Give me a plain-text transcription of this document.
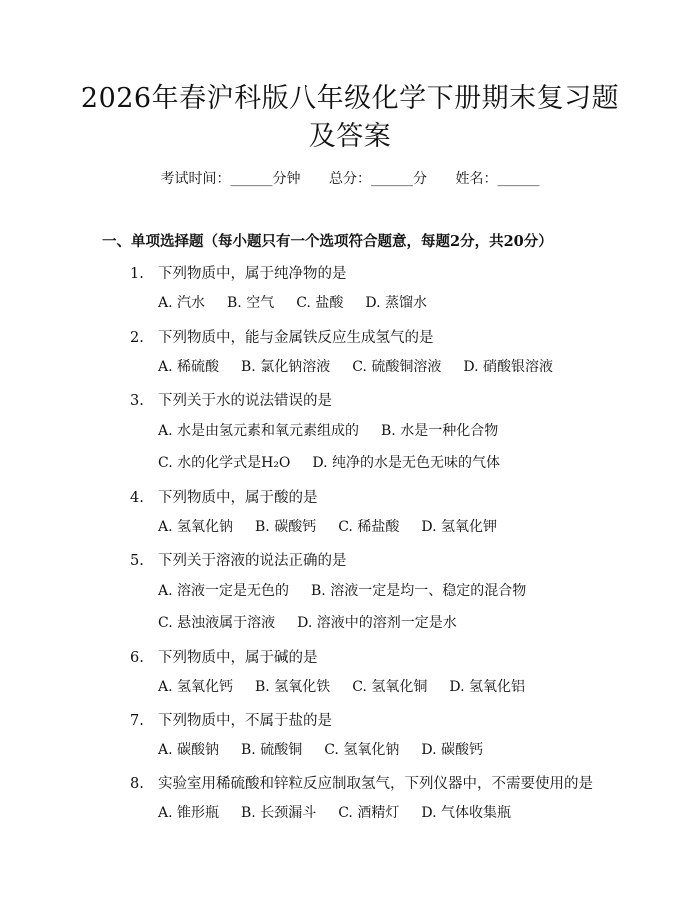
2026年春沪科版八年级化学下册期末复习题
及答案
考试时间：______分钟 总分：______分 姓名：______
一、单项选择题（每小题只有一个选项符合题意，每题2分，共20分）
1. 下列物质中，属于纯净物的是
A. 汽水 B. 空气 C. 盐酸 D. 蒸馏水
2. 下列物质中，能与金属铁反应生成氢气的是
A. 稀硫酸 B. 氯化钠溶液 C. 硫酸铜溶液 D. 硝酸银溶液
3. 下列关于水的说法错误的是
A. 水是由氢元素和氧元素组成的 B. 水是一种化合物
C. 水的化学式是H₂O D. 纯净的水是无色无味的气体
4. 下列物质中，属于酸的是
A. 氢氧化钠 B. 碳酸钙 C. 稀盐酸 D. 氢氧化钾
5. 下列关于溶液的说法正确的是
A. 溶液一定是无色的 B. 溶液一定是均一、稳定的混合物
C. 悬浊液属于溶液 D. 溶液中的溶剂一定是水
6. 下列物质中，属于碱的是
A. 氢氧化钙 B. 氢氧化铁 C. 氢氧化铜 D. 氢氧化铝
7. 下列物质中，不属于盐的是
A. 碳酸钠 B. 硫酸铜 C. 氢氧化钠 D. 碳酸钙
8. 实验室用稀硫酸和锌粒反应制取氢气，下列仪器中，不需要使用的是
A. 锥形瓶 B. 长颈漏斗 C. 酒精灯 D. 气体收集瓶
